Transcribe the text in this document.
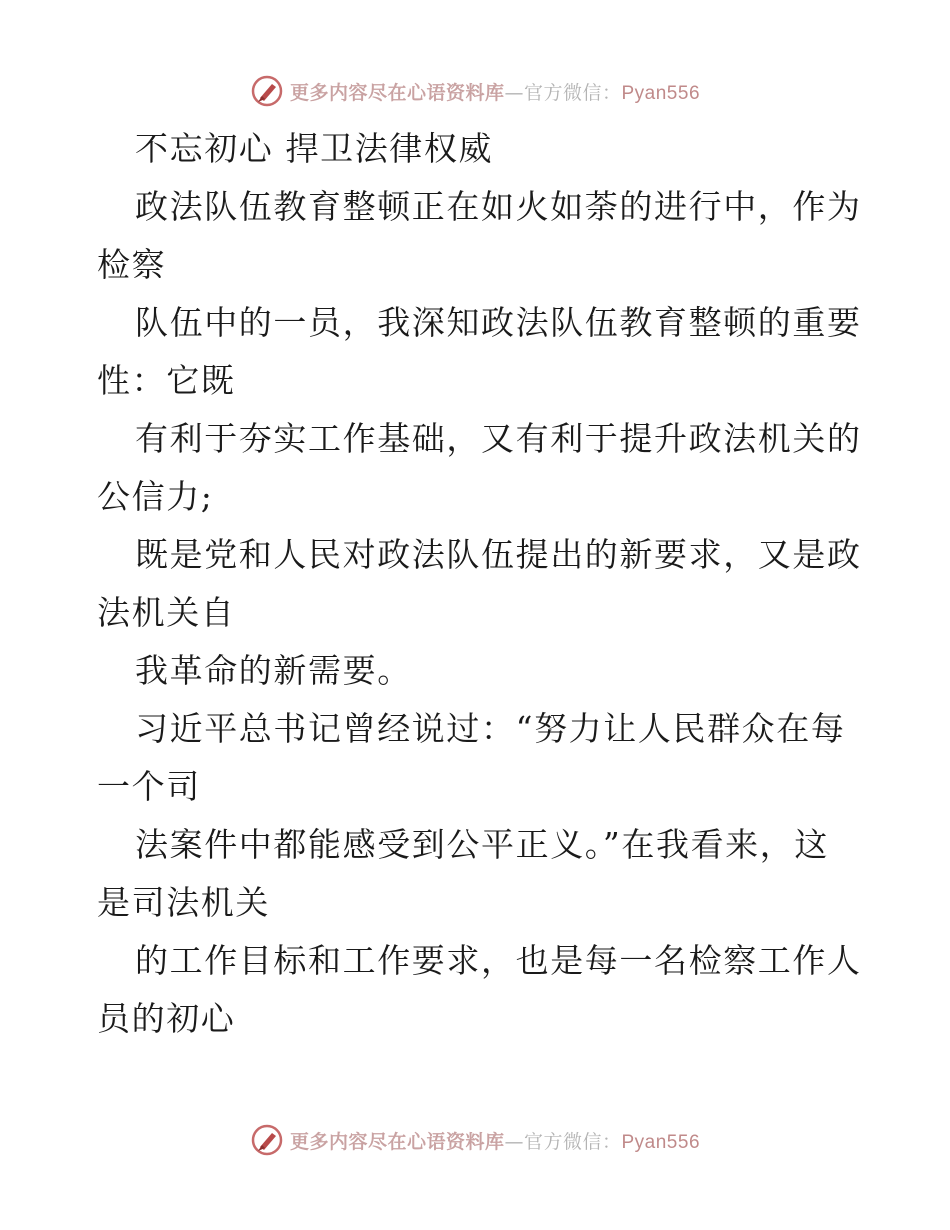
更多内容尽在心语资料库—官方微信：Pyan556
不忘初心 捍卫法律权威
政法队伍教育整顿正在如火如荼的进行中，作为
检察
队伍中的一员，我深知政法队伍教育整顿的重要
性：它既
有利于夯实工作基础，又有利于提升政法机关的
公信力;
既是党和人民对政法队伍提出的新要求，又是政
法机关自
我革命的新需要。
习近平总书记曾经说过：“努力让人民群众在每
一个司
法案件中都能感受到公平正义。”在我看来，这
是司法机关
的工作目标和工作要求，也是每一名检察工作人
员的初心
更多内容尽在心语资料库—官方微信：Pyan556
